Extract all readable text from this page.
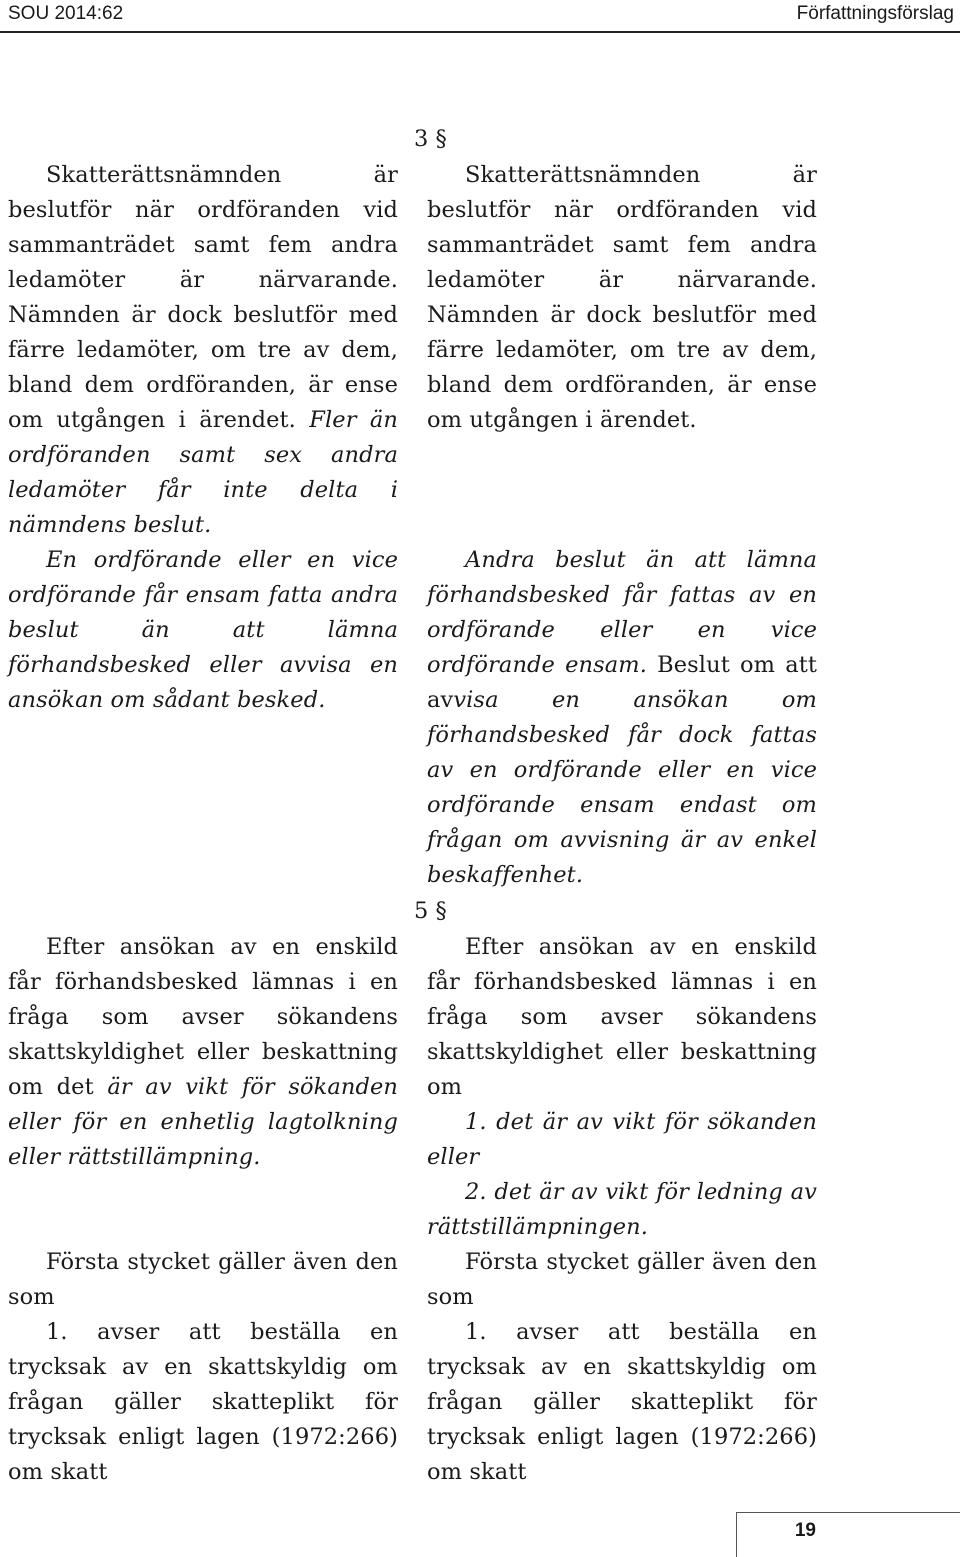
SOU 2014:62	Författningsförslag

Skatterättsnämnden är beslutför när ordföranden vid sammanträdet samt fem andra ledamöter är närvarande. Nämnden är dock beslutför med färre ledamöter, om tre av dem, bland dem ordföranden, är ense om utgången i ärendet. Fler än ordföranden samt sex andra ledamöter får inte delta i nämndens beslut.

En ordförande eller en vice ordförande får ensam fatta andra beslut än att lämna förhandsbesked eller avvisa en ansökan om sådant besked.

3 §

Skatterättsnämnden är beslutför när ordföranden vid sammanträdet samt fem andra ledamöter är närvarande. Nämnden är dock beslutför med färre ledamöter, om tre av dem, bland dem ordföranden, är ense om utgången i ärendet.

Andra beslut än att lämna förhandsbesked får fattas av en ordförande eller en vice ordförande ensam. Beslut om att avvisa en ansökan om förhandsbesked får dock fattas av en ordförande eller en vice ordförande ensam endast om frågan om avvisning är av enkel beskaffenhet.

Efter ansökan av en enskild får förhandsbesked lämnas i en fråga som avser sökandens skattskyldighet eller beskattning om det är av vikt för sökanden eller för en enhetlig lagtolkning eller rättstillämpning.

Första stycket gäller även den som

1. avser att beställa en trycksak av en skattskyldig om frågan gäller skatteplikt för trycksak enligt lagen (1972:266) om skatt

5 §

Efter ansökan av en enskild får förhandsbesked lämnas i en fråga som avser sökandens skattskyldighet eller beskattning om

1. det är av vikt för sökanden eller

2. det är av vikt för ledning av rättstillämpningen.

Första stycket gäller även den som

1. avser att beställa en trycksak av en skattskyldig om frågan gäller skatteplikt för trycksak enligt lagen (1972:266) om skatt

19
